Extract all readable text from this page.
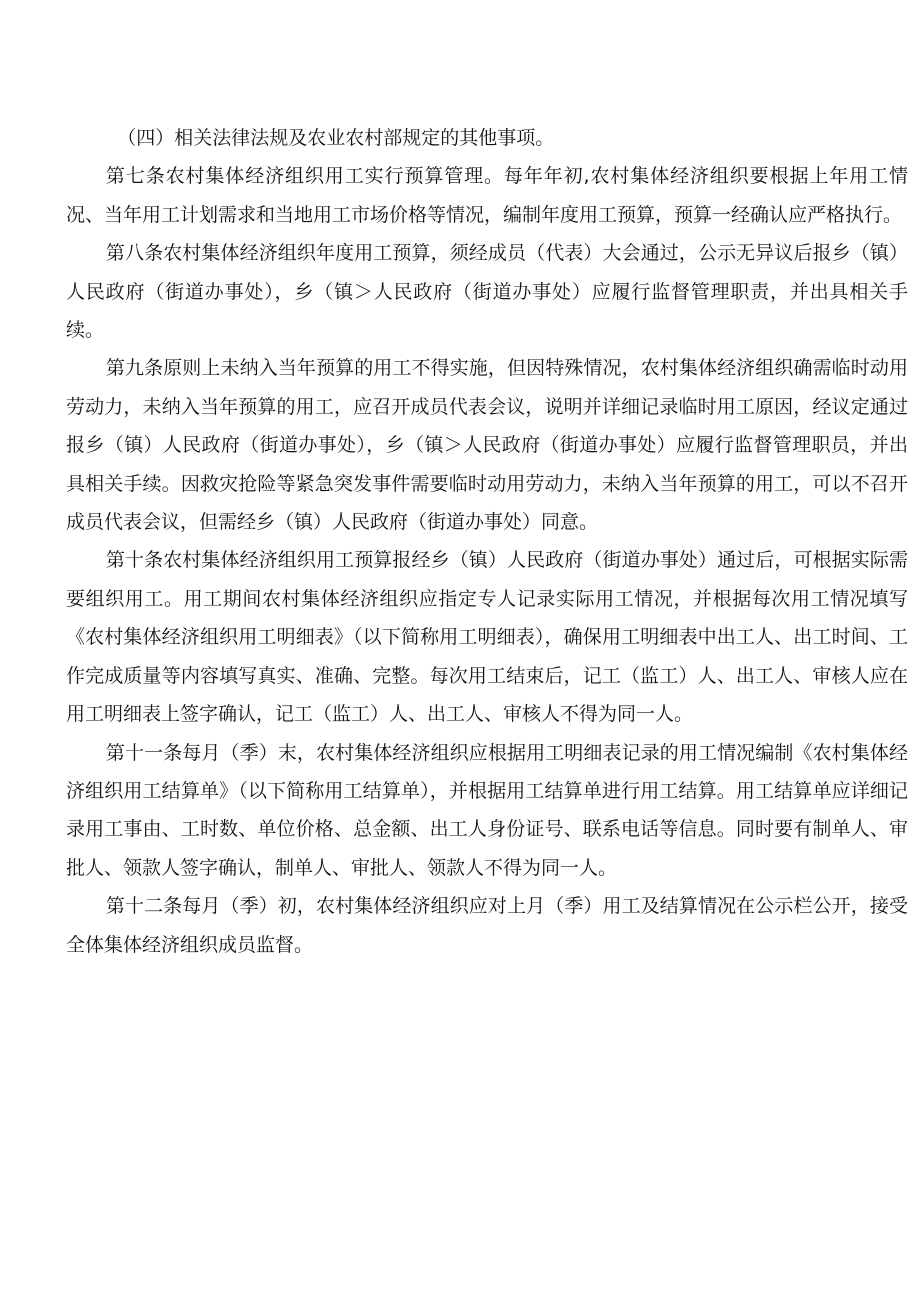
（四）相关法律法规及农业农村部规定的其他事项。

第七条农村集体经济组织用工实行预算管理。每年年初,农村集体经济组织要根据上年用工情况、当年用工计划需求和当地用工市场价格等情况，编制年度用工预算，预算一经确认应严格执行。

第八条农村集体经济组织年度用工预算，须经成员（代表）大会通过，公示无异议后报乡（镇）人民政府（街道办事处），乡（镇＞人民政府（街道办事处）应履行监督管理职责，并出具相关手续。

第九条原则上未纳入当年预算的用工不得实施，但因特殊情况，农村集体经济组织确需临时动用劳动力，未纳入当年预算的用工，应召开成员代表会议，说明并详细记录临时用工原因，经议定通过报乡（镇）人民政府（街道办事处），乡（镇＞人民政府（街道办事处）应履行监督管理职员，并出具相关手续。因救灾抢险等紧急突发事件需要临时动用劳动力，未纳入当年预算的用工，可以不召开成员代表会议，但需经乡（镇）人民政府（街道办事处）同意。

第十条农村集体经济组织用工预算报经乡（镇）人民政府（街道办事处）通过后，可根据实际需要组织用工。用工期间农村集体经济组织应指定专人记录实际用工情况，并根据每次用工情况填写《农村集体经济组织用工明细表》（以下简称用工明细表），确保用工明细表中出工人、出工时间、工作完成质量等内容填写真实、准确、完整。每次用工结束后，记工（监工）人、出工人、审核人应在用工明细表上签字确认，记工（监工）人、出工人、审核人不得为同一人。

第十一条每月（季）末，农村集体经济组织应根据用工明细表记录的用工情况编制《农村集体经济组织用工结算单》（以下简称用工结算单），并根据用工结算单进行用工结算。用工结算单应详细记录用工事由、工时数、单位价格、总金额、出工人身份证号、联系电话等信息。同时要有制单人、审批人、领款人签字确认，制单人、审批人、领款人不得为同一人。

第十二条每月（季）初，农村集体经济组织应对上月（季）用工及结算情况在公示栏公开，接受全体集体经济组织成员监督。
